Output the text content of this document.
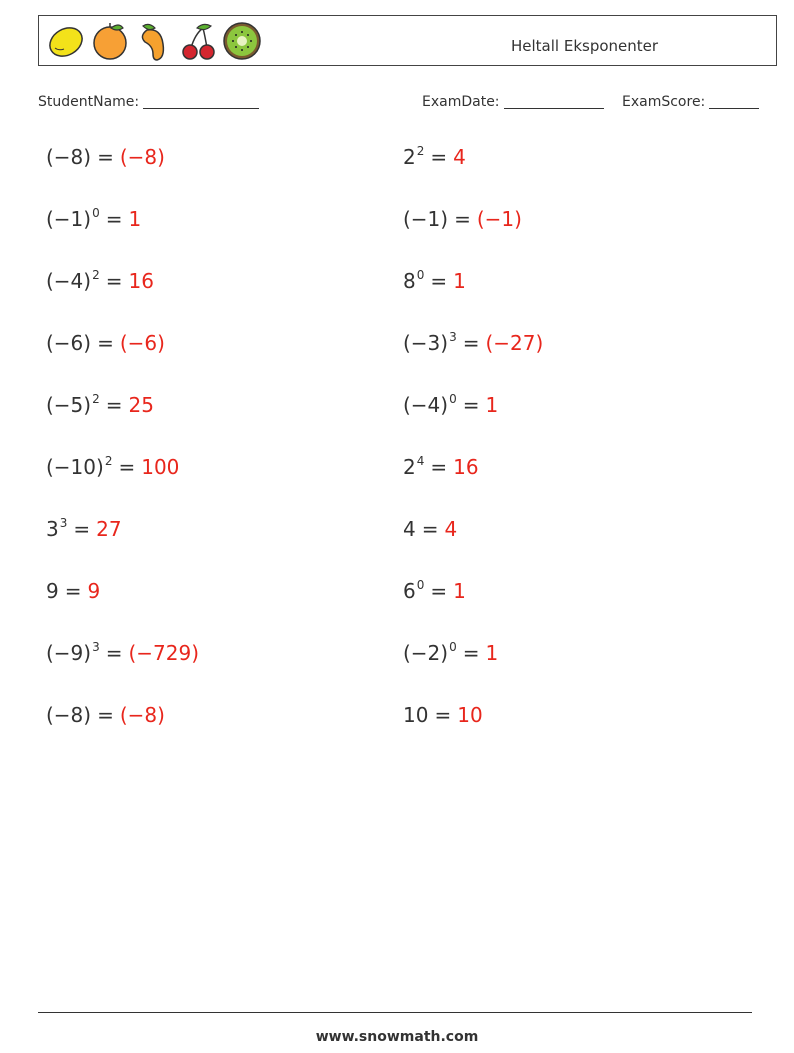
Heltall Eksponenter
StudentName:	ExamDate:	ExamScore:
(−8) = (−8)	$2^2 = 4$
$(-1)^0 = 1$	(−1) = (−1)
$(-4)^2 = 16$	$8^0 = 1$
(−6) = (−6)	$(-3)^3 = (-27)$
$(-5)^2 = 25$	$(-4)^0 = 1$
$(-10)^2 = 100$	$2^4 = 16$
$3^3 = 27$	4 = 4
9 = 9	$6^0 = 1$
$(-9)^3 = (-729)$	$(-2)^0 = 1$
(−8) = (−8)	10 = 10
www.snowmath.com
